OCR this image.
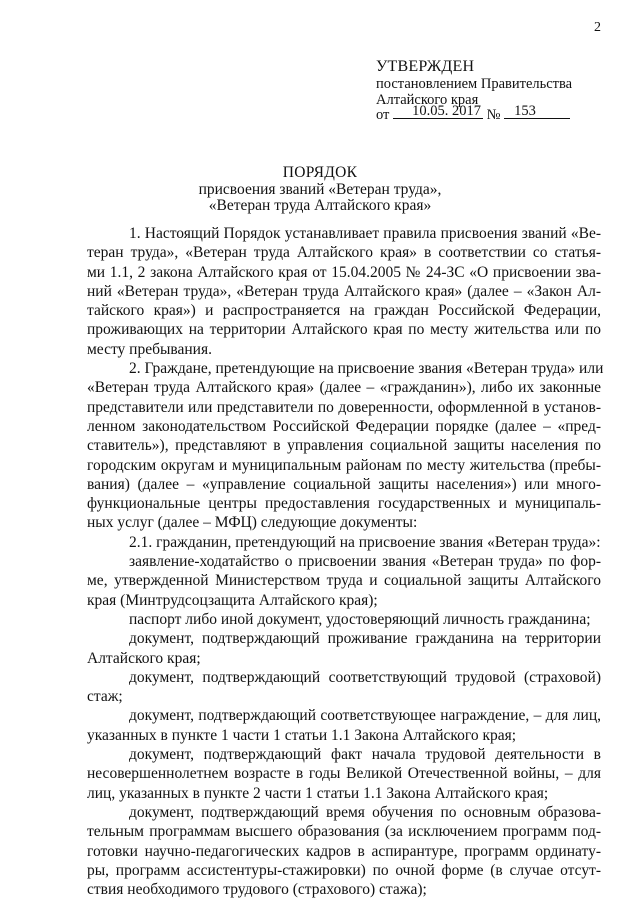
2
УТВЕРЖДЕН
постановлением Правительства
Алтайского края
от 10.05. 2017 № 153
ПОРЯДОК
присвоения званий «Ветеран труда»,
«Ветеран труда Алтайского края»
1. Настоящий Порядок устанавливает правила присвоения званий «Ве-
теран труда», «Ветеран труда Алтайского края» в соответствии со статья-
ми 1.1, 2 закона Алтайского края от 15.04.2005 № 24-ЗС «О присвоении зва-
ний «Ветеран труда», «Ветеран труда Алтайского края» (далее – «Закон Ал-
тайского края») и распространяется на граждан Российской Федерации,
проживающих на территории Алтайского края по месту жительства или по
месту пребывания.
2. Граждане, претендующие на присвоение звания «Ветеран труда» или
«Ветеран труда Алтайского края» (далее – «гражданин»), либо их законные
представители или представители по доверенности, оформленной в установ-
ленном законодательством Российской Федерации порядке (далее – «пред-
ставитель»), представляют в управления социальной защиты населения по
городским округам и муниципальным районам по месту жительства (пребы-
вания) (далее – «управление социальной защиты населения») или много-
функциональные центры предоставления государственных и муниципаль-
ных услуг (далее – МФЦ) следующие документы:
2.1. гражданин, претендующий на присвоение звания «Ветеран труда»:
заявление-ходатайство о присвоении звания «Ветеран труда» по фор-
ме, утвержденной Министерством труда и социальной защиты Алтайского
края (Минтрудсоцзащита Алтайского края);
паспорт либо иной документ, удостоверяющий личность гражданина;
документ, подтверждающий проживание гражданина на территории
Алтайского края;
документ, подтверждающий соответствующий трудовой (страховой)
стаж;
документ, подтверждающий соответствующее награждение, – для лиц,
указанных в пункте 1 части 1 статьи 1.1 Закона Алтайского края;
документ, подтверждающий факт начала трудовой деятельности в
несовершеннолетнем возрасте в годы Великой Отечественной войны, – для
лиц, указанных в пункте 2 части 1 статьи 1.1 Закона Алтайского края;
документ, подтверждающий время обучения по основным образова-
тельным программам высшего образования (за исключением программ под-
готовки научно-педагогических кадров в аспирантуре, программ ординату-
ры, программ ассистентуры-стажировки) по очной форме (в случае отсут-
ствия необходимого трудового (страхового) стажа);
